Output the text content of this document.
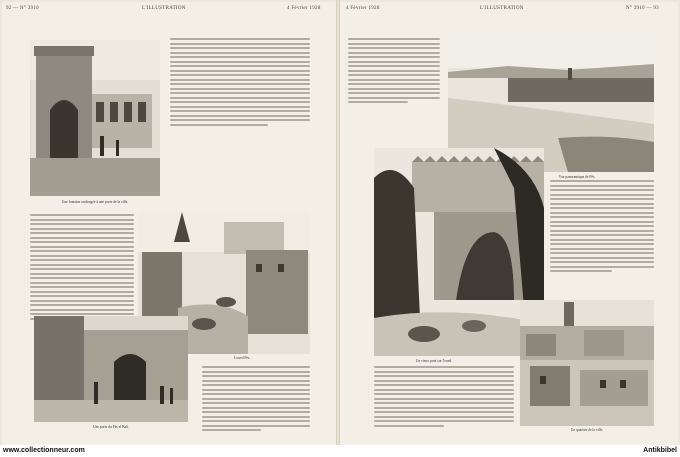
92 — N° 3910	L'ILLUSTRATION	4 Février 1928
Une fontaine ombragée à une porte de la ville.
L'oued Fès.
Une porte du Fès el Bali.
4 Février 1928	L'ILLUSTRATION	N° 3910 — 93
Vue panoramique de Fès.
Un vieux pont sur l'oued.
Un quartier de la ville.
www.collectionneur.com	Antikbibel
